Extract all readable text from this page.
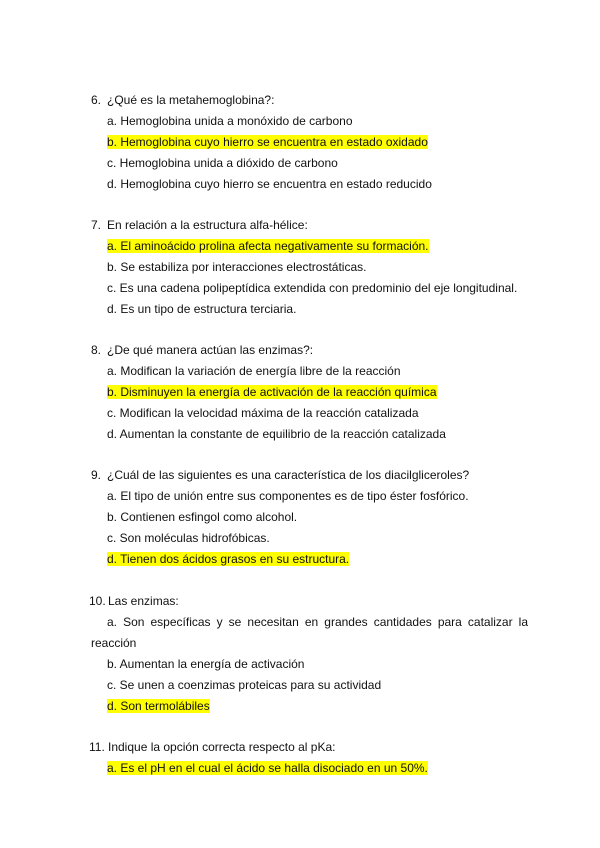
6. ¿Qué es la metahemoglobina?:
a. Hemoglobina unida a monóxido de carbono
b. Hemoglobina cuyo hierro se encuentra en estado oxidado
c. Hemoglobina unida a dióxido de carbono
d. Hemoglobina cuyo hierro se encuentra en estado reducido
7. En relación a la estructura alfa-hélice:
a. El aminoácido prolina afecta negativamente su formación.
b. Se estabiliza por interacciones electrostáticas.
c. Es una cadena polipeptídica extendida con predominio del eje longitudinal.
d. Es un tipo de estructura terciaria.
8. ¿De qué manera actúan las enzimas?:
a. Modifican la variación de energía libre de la reacción
b. Disminuyen la energía de activación de la reacción química
c. Modifican la velocidad máxima de la reacción catalizada
d. Aumentan la constante de equilibrio de la reacción catalizada
9. ¿Cuál de las siguientes es una característica de los diacilgliceroles?
a. El tipo de unión entre sus componentes es de tipo éster fosfórico.
b. Contienen esfingol como alcohol.
c. Son moléculas hidrofóbicas.
d. Tienen dos ácidos grasos en su estructura.
10. Las enzimas:
a. Son específicas y se necesitan en grandes cantidades para catalizar la
reacción
b. Aumentan la energía de activación
c. Se unen a coenzimas proteicas para su actividad
d. Son termolábiles
11. Indique la opción correcta respecto al pKa:
a. Es el pH en el cual el ácido se halla disociado en un 50%.
